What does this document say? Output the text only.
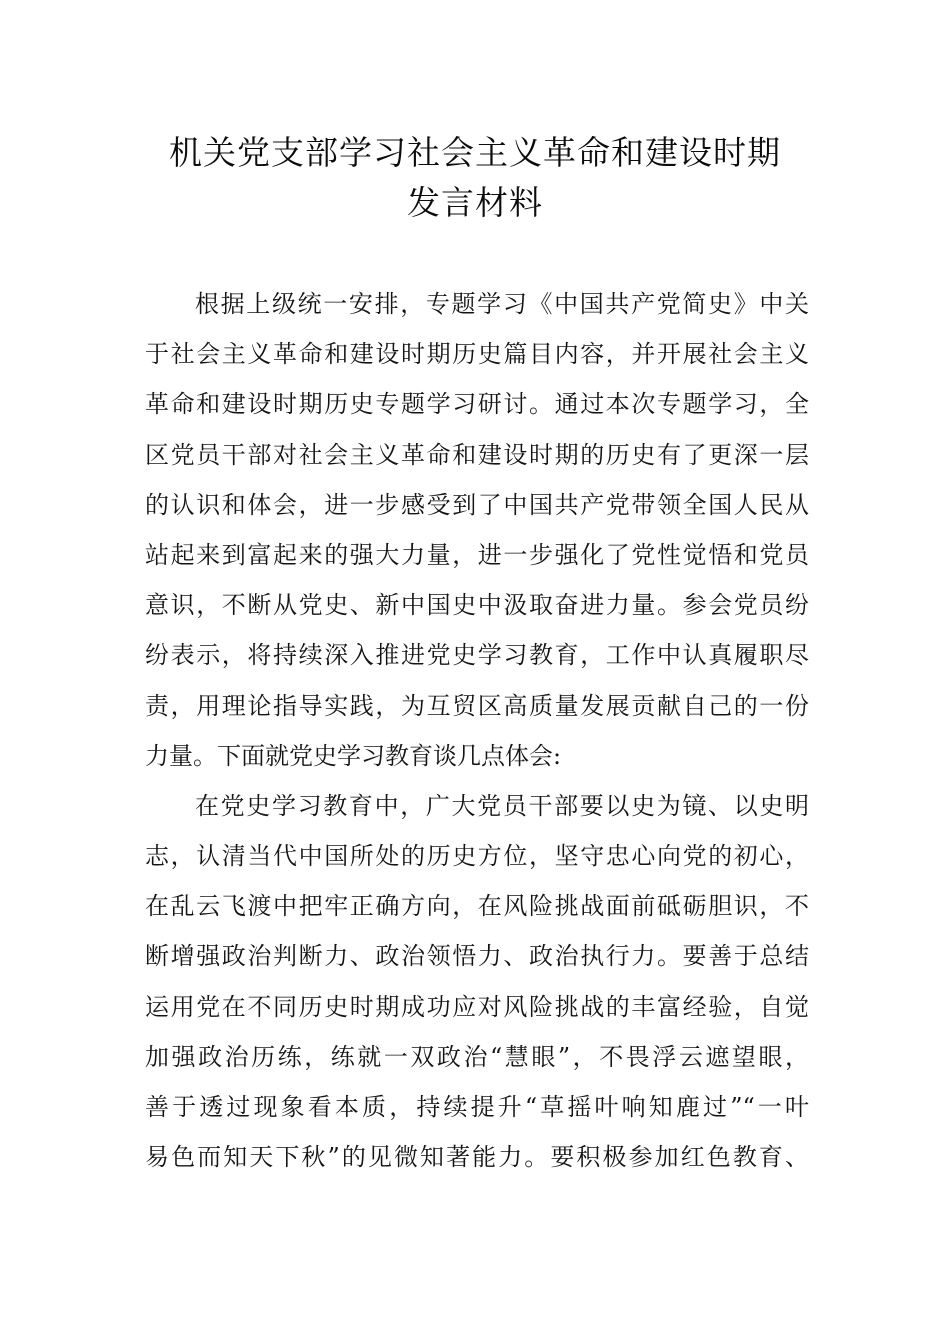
机关党支部学习社会主义革命和建设时期
发言材料
根据上级统一安排，专题学习《中国共产党简史》中关
于社会主义革命和建设时期历史篇目内容，并开展社会主义
革命和建设时期历史专题学习研讨。通过本次专题学习，全
区党员干部对社会主义革命和建设时期的历史有了更深一层
的认识和体会，进一步感受到了中国共产党带领全国人民从
站起来到富起来的强大力量，进一步强化了党性觉悟和党员
意识，不断从党史、新中国史中汲取奋进力量。参会党员纷
纷表示，将持续深入推进党史学习教育，工作中认真履职尽
责，用理论指导实践，为互贸区高质量发展贡献自己的一份
力量。下面就党史学习教育谈几点体会:
在党史学习教育中，广大党员干部要以史为镜、以史明
志，认清当代中国所处的历史方位，坚守忠心向党的初心，
在乱云飞渡中把牢正确方向，在风险挑战面前砥砺胆识，不
断增强政治判断力、政治领悟力、政治执行力。要善于总结
运用党在不同历史时期成功应对风险挑战的丰富经验，自觉
加强政治历练，练就一双政治“慧眼”，不畏浮云遮望眼，
善于透过现象看本质，持续提升“草摇叶响知鹿过”“一叶
易色而知天下秋”的见微知著能力。要积极参加红色教育、
